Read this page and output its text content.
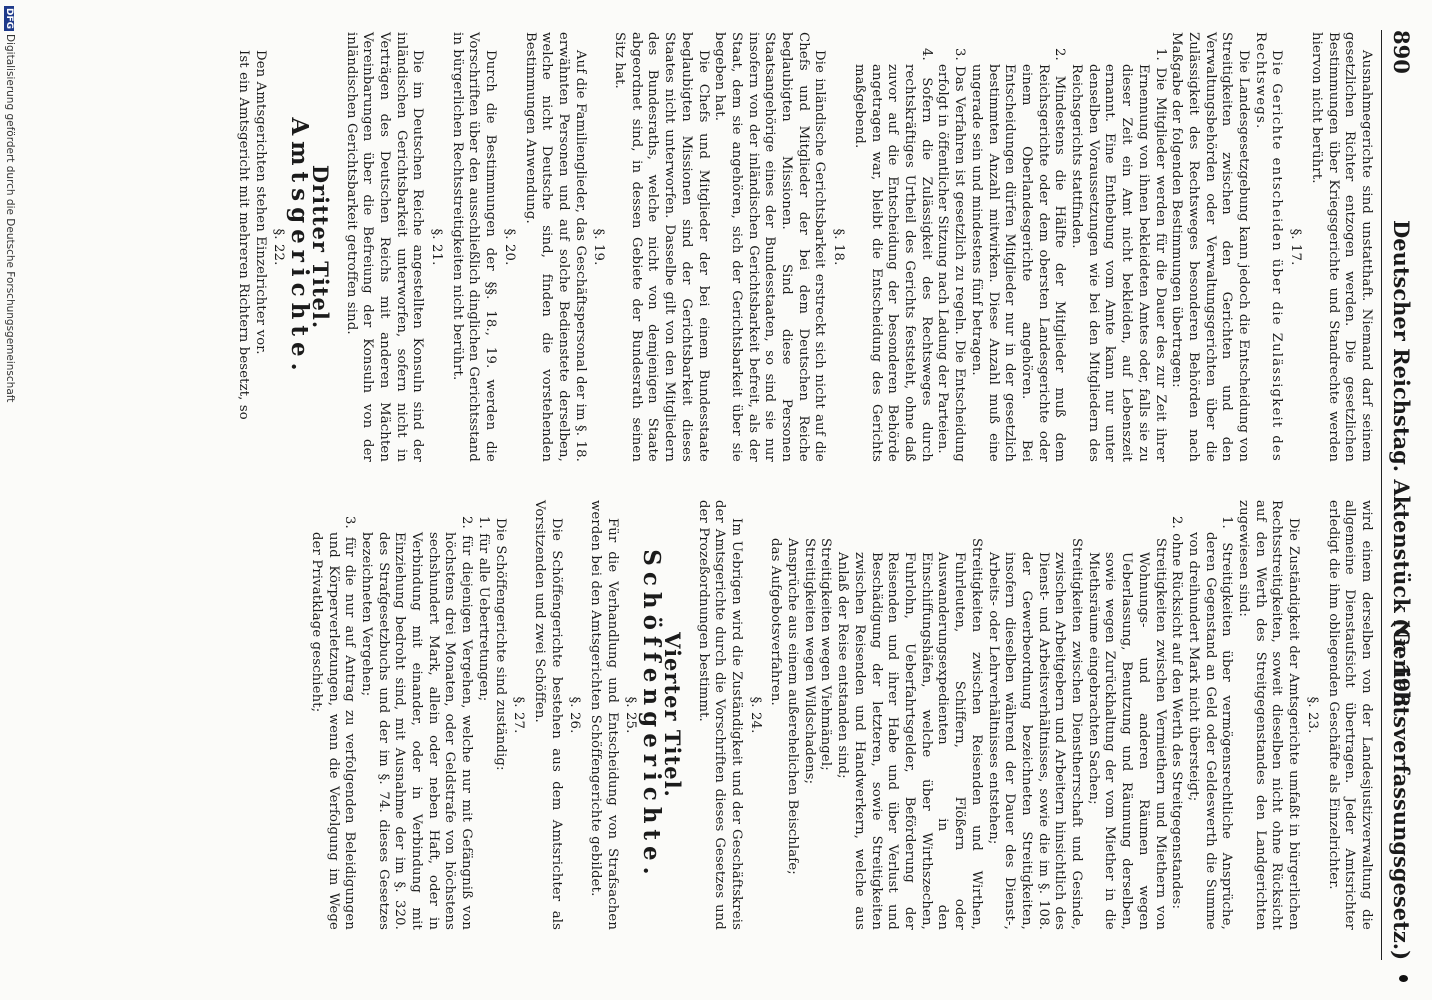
890
Deutscher Reichstag. Aktenstück Nr. 198.
(Gerichtsverfassungsgesetz.)

Ausnahmegerichte sind unstatthaft. Niemand darf seinem gesetzlichen Richter entzogen werden. Die gesetzlichen Bestimmungen über Kriegsgerichte und Standrechte werden hiervon nicht berührt.

§. 17.

Die Gerichte entscheiden über die Zulässigkeit des Rechtswegs.

Die Landesgesetzgebung kann jedoch die Entscheidung von Streitigkeiten zwischen den Gerichten und den Verwaltungsbehörden oder Verwaltungsgerichten über die Zulässigkeit des Rechtsweges besonderen Behörden nach Maßgabe der folgenden Bestimmungen übertragen:

1. Die Mitglieder werden für die Dauer des zur Zeit ihrer Ernennung von ihnen bekleideten Amtes oder, falls sie zu dieser Zeit ein Amt nicht bekleiden, auf Lebenszeit ernannt. Eine Enthebung vom Amte kann nur unter denselben Voraussetzungen wie bei den Mitgliedern des Reichsgerichts stattfinden.

2. Mindestens die Hälfte der Mitglieder muß dem Reichsgerichte oder dem obersten Landesgerichte oder einem Oberlandesgerichte angehören. Bei Entscheidungen dürfen Mitglieder nur in der gesetzlich bestimmten Anzahl mitwirken. Diese Anzahl muß eine ungerade sein und mindestens fünf betragen.

3. Das Verfahren ist gesetzlich zu regeln. Die Entscheidung erfolgt in öffentlicher Sitzung nach Ladung der Parteien.

4. Sofern die Zulässigkeit des Rechtsweges durch rechtskräftiges Urtheil des Gerichts feststeht, ohne daß zuvor auf die Entscheidung der besonderen Behörde angetragen war, bleibt die Entscheidung des Gerichts maßgebend.

§. 18.

Die inländische Gerichtsbarkeit erstreckt sich nicht auf die Chefs und Mitglieder der bei dem Deutschen Reiche beglaubigten Missionen. Sind diese Personen Staatsangehörige eines der Bundesstaaten, so sind sie nur insofern von der inländischen Gerichtsbarkeit befreit, als der Staat, dem sie angehören, sich der Gerichtsbarkeit über sie begeben hat.

Die Chefs und Mitglieder der bei einem Bundesstaate beglaubigten Missionen sind der Gerichtsbarkeit dieses Staates nicht unterworfen. Dasselbe gilt von den Mitgliedern des Bundesraths, welche nicht von demjenigen Staate abgeordnet sind, in dessen Gebiete der Bundesrath seinen Sitz hat.

§. 19.

Auf die Familienglieder, das Geschäftspersonal der im §. 18. erwähnten Personen und auf solche Bedienstete derselben, welche nicht Deutsche sind, finden die vorstehenden Bestimmungen Anwendung.

§. 20.

Durch die Bestimmungen der §§. 18., 19. werden die Vorschriften über den ausschließlich dinglichen Gerichtsstand in bürgerlichen Rechtsstreitigkeiten nicht berührt.

§. 21.

Die im Deutschen Reiche angestellten Konsuln sind der inländischen Gerichtsbarkeit unterworfen, sofern nicht in Verträgen des Deutschen Reichs mit anderen Mächten Vereinbarungen über die Befreiung der Konsuln von der inländischen Gerichtsbarkeit getroffen sind.

Dritter Titel.

Amtsgerichte.

§. 22.

Den Amtsgerichten stehen Einzelrichter vor.

Ist ein Amtsgericht mit mehreren Richtern besetzt, so

wird einem derselben von der Landesjustizverwaltung die allgemeine Dienstaufsicht übertragen. Jeder Amtsrichter erledigt die ihm obliegenden Geschäfte als Einzelrichter.

§. 23.

Die Zuständigkeit der Amtsgerichte umfaßt in bürgerlichen Rechtsstreitigkeiten, soweit dieselben nicht ohne Rücksicht auf den Werth des Streitgegenstandes den Landgerichten zugewiesen sind:

1. Streitigkeiten über vermögensrechtliche Ansprüche, deren Gegenstand an Geld oder Geldeswerth die Summe von dreihundert Mark nicht übersteigt;

2. ohne Rücksicht auf den Werth des Streitgegenstandes:

Streitigkeiten zwischen Vermiethern und Miethern von Wohnungs- und anderen Räumen wegen Ueberlassung, Benutzung und Räumung derselben, sowie wegen Zurückhaltung der vom Miether in die Miethsräume eingebrachten Sachen;

Streitigkeiten zwischen Dienstherrschaft und Gesinde, zwischen Arbeitgebern und Arbeitern hinsichtlich des Dienst- und Arbeitsverhältnisses, sowie die im §. 108. der Gewerbeordnung bezeichneten Streitigkeiten, insofern dieselben während der Dauer des Dienst-, Arbeits- oder Lehrverhältnisses entstehen;

Streitigkeiten zwischen Reisenden und Wirthen, Fuhrleuten, Schiffern, Flößern oder Auswanderungsexpedienten in den Einschiffungshäfen, welche über Wirthszechen, Fuhrlohn, Ueberfahrtsgelder, Beförderung der Reisenden und ihrer Habe und über Verlust und Beschädigung der letzteren, sowie Streitigkeiten zwischen Reisenden und Handwerkern, welche aus Anlaß der Reise entstanden sind;

Streitigkeiten wegen Viehmängel;

Streitigkeiten wegen Wildschadens;

Ansprüche aus einem außerehelichen Beischlafe;

das Aufgebotsverfahren.

§. 24.

Im Uebrigen wird die Zuständigkeit und der Geschäftskreis der Amtsgerichte durch die Vorschriften dieses Gesetzes und der Prozeßordnungen bestimmt.

Vierter Titel.

Schöffengerichte.

§. 25.

Für die Verhandlung und Entscheidung von Strafsachen werden bei den Amtsgerichten Schöffengerichte gebildet.

§. 26.

Die Schöffengerichte bestehen aus dem Amtsrichter als Vorsitzenden und zwei Schöffen.

§. 27.

Die Schöffengerichte sind zuständig:

1. für alle Uebertretungen;

2. für diejenigen Vergehen, welche nur mit Gefängniß von höchstens drei Monaten, oder Geldstrafe von höchstens sechshundert Mark, allein oder neben Haft, oder in Verbindung mit einander, oder in Verbindung mit Einziehung bedroht sind, mit Ausnahme der im §. 320. des Strafgesetzbuchs und der im §. 74. dieses Gesetzes bezeichneten Vergehen;

3. für die nur auf Antrag zu verfolgenden Beleidigungen und Körperverletzungen, wenn die Verfolgung im Wege der Privatklage geschieht;

DFGDigitalisierung gefördert durch die Deutsche Forschungsgemeinschaft
